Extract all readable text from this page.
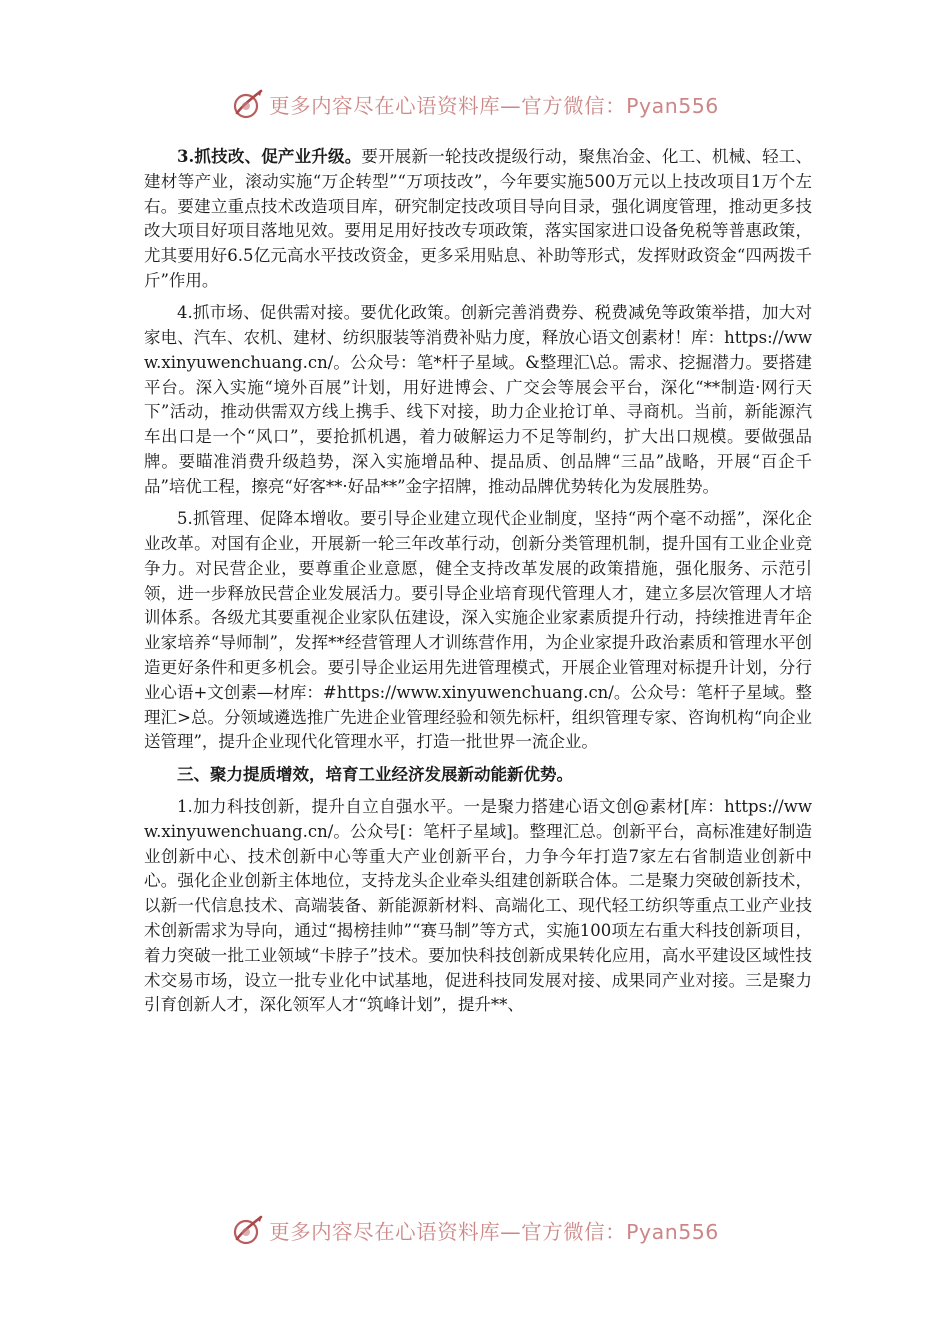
更多内容尽在心语资料库—官方微信：Pyan556

3.抓技改、促产业升级。要开展新一轮技改提级行动，聚焦冶金、化工、机械、轻工、建材等产业，滚动实施“万企转型”“万项技改”，今年要实施500万元以上技改项目1万个左右。要建立重点技术改造项目库，研究制定技改项目导向目录，强化调度管理，推动更多技改大项目好项目落地见效。要用足用好技改专项政策，落实国家进口设备免税等普惠政策，尤其要用好6.5亿元高水平技改资金，更多采用贴息、补助等形式，发挥财政资金“四两拨千斤”作用。

4.抓市场、促供需对接。要优化政策。创新完善消费券、税费减免等政策举措，加大对家电、汽车、农机、建材、纺织服装等消费补贴力度，释放心语文创素材！库：https://www.xinyuwenchuang.cn/。公众号：笔*杆子星域。&整理汇\总。需求、挖掘潜力。要搭建平台。深入实施“境外百展”计划，用好进博会、广交会等展会平台，深化“**制造·网行天下”活动，推动供需双方线上携手、线下对接，助力企业抢订单、寻商机。当前，新能源汽车出口是一个“风口”，要抢抓机遇，着力破解运力不足等制约，扩大出口规模。要做强品牌。要瞄准消费升级趋势，深入实施增品种、提品质、创品牌“三品”战略，开展“百企千品”培优工程，擦亮“好客**·好品**”金字招牌，推动品牌优势转化为发展胜势。

5.抓管理、促降本增收。要引导企业建立现代企业制度，坚持“两个毫不动摇”，深化企业改革。对国有企业，开展新一轮三年改革行动，创新分类管理机制，提升国有工业企业竞争力。对民营企业，要尊重企业意愿，健全支持改革发展的政策措施，强化服务、示范引领，进一步释放民营企业发展活力。要引导企业培育现代管理人才，建立多层次管理人才培训体系。各级尤其要重视企业家队伍建设，深入实施企业家素质提升行动，持续推进青年企业家培养“导师制”，发挥**经营管理人才训练营作用，为企业家提升政治素质和管理水平创造更好条件和更多机会。要引导企业运用先进管理模式，开展企业管理对标提升计划，分行业心语+文创素—材库：#https://www.xinyuwenchuang.cn/。公众号：笔杆子星域。整理汇>总。分领域遴选推广先进企业管理经验和领先标杆，组织管理专家、咨询机构“向企业送管理”，提升企业现代化管理水平，打造一批世界一流企业。

三、聚力提质增效，培育工业经济发展新动能新优势。

1.加力科技创新，提升自立自强水平。一是聚力搭建心语文创@素材[库：https://www.xinyuwenchuang.cn/。公众号[：笔杆子星域]。整理汇总。创新平台，高标准建好制造业创新中心、技术创新中心等重大产业创新平台，力争今年打造7家左右省制造业创新中心。强化企业创新主体地位，支持龙头企业牵头组建创新联合体。二是聚力突破创新技术，以新一代信息技术、高端装备、新能源新材料、高端化工、现代轻工纺织等重点工业产业技术创新需求为导向，通过“揭榜挂帅”“赛马制”等方式，实施100项左右重大科技创新项目，着力突破一批工业领域“卡脖子”技术。要加快科技创新成果转化应用，高水平建设区域性技术交易市场，设立一批专业化中试基地，促进科技同发展对接、成果同产业对接。三是聚力引育创新人才，深化领军人才“筑峰计划”，提升**、

更多内容尽在心语资料库—官方微信：Pyan556
